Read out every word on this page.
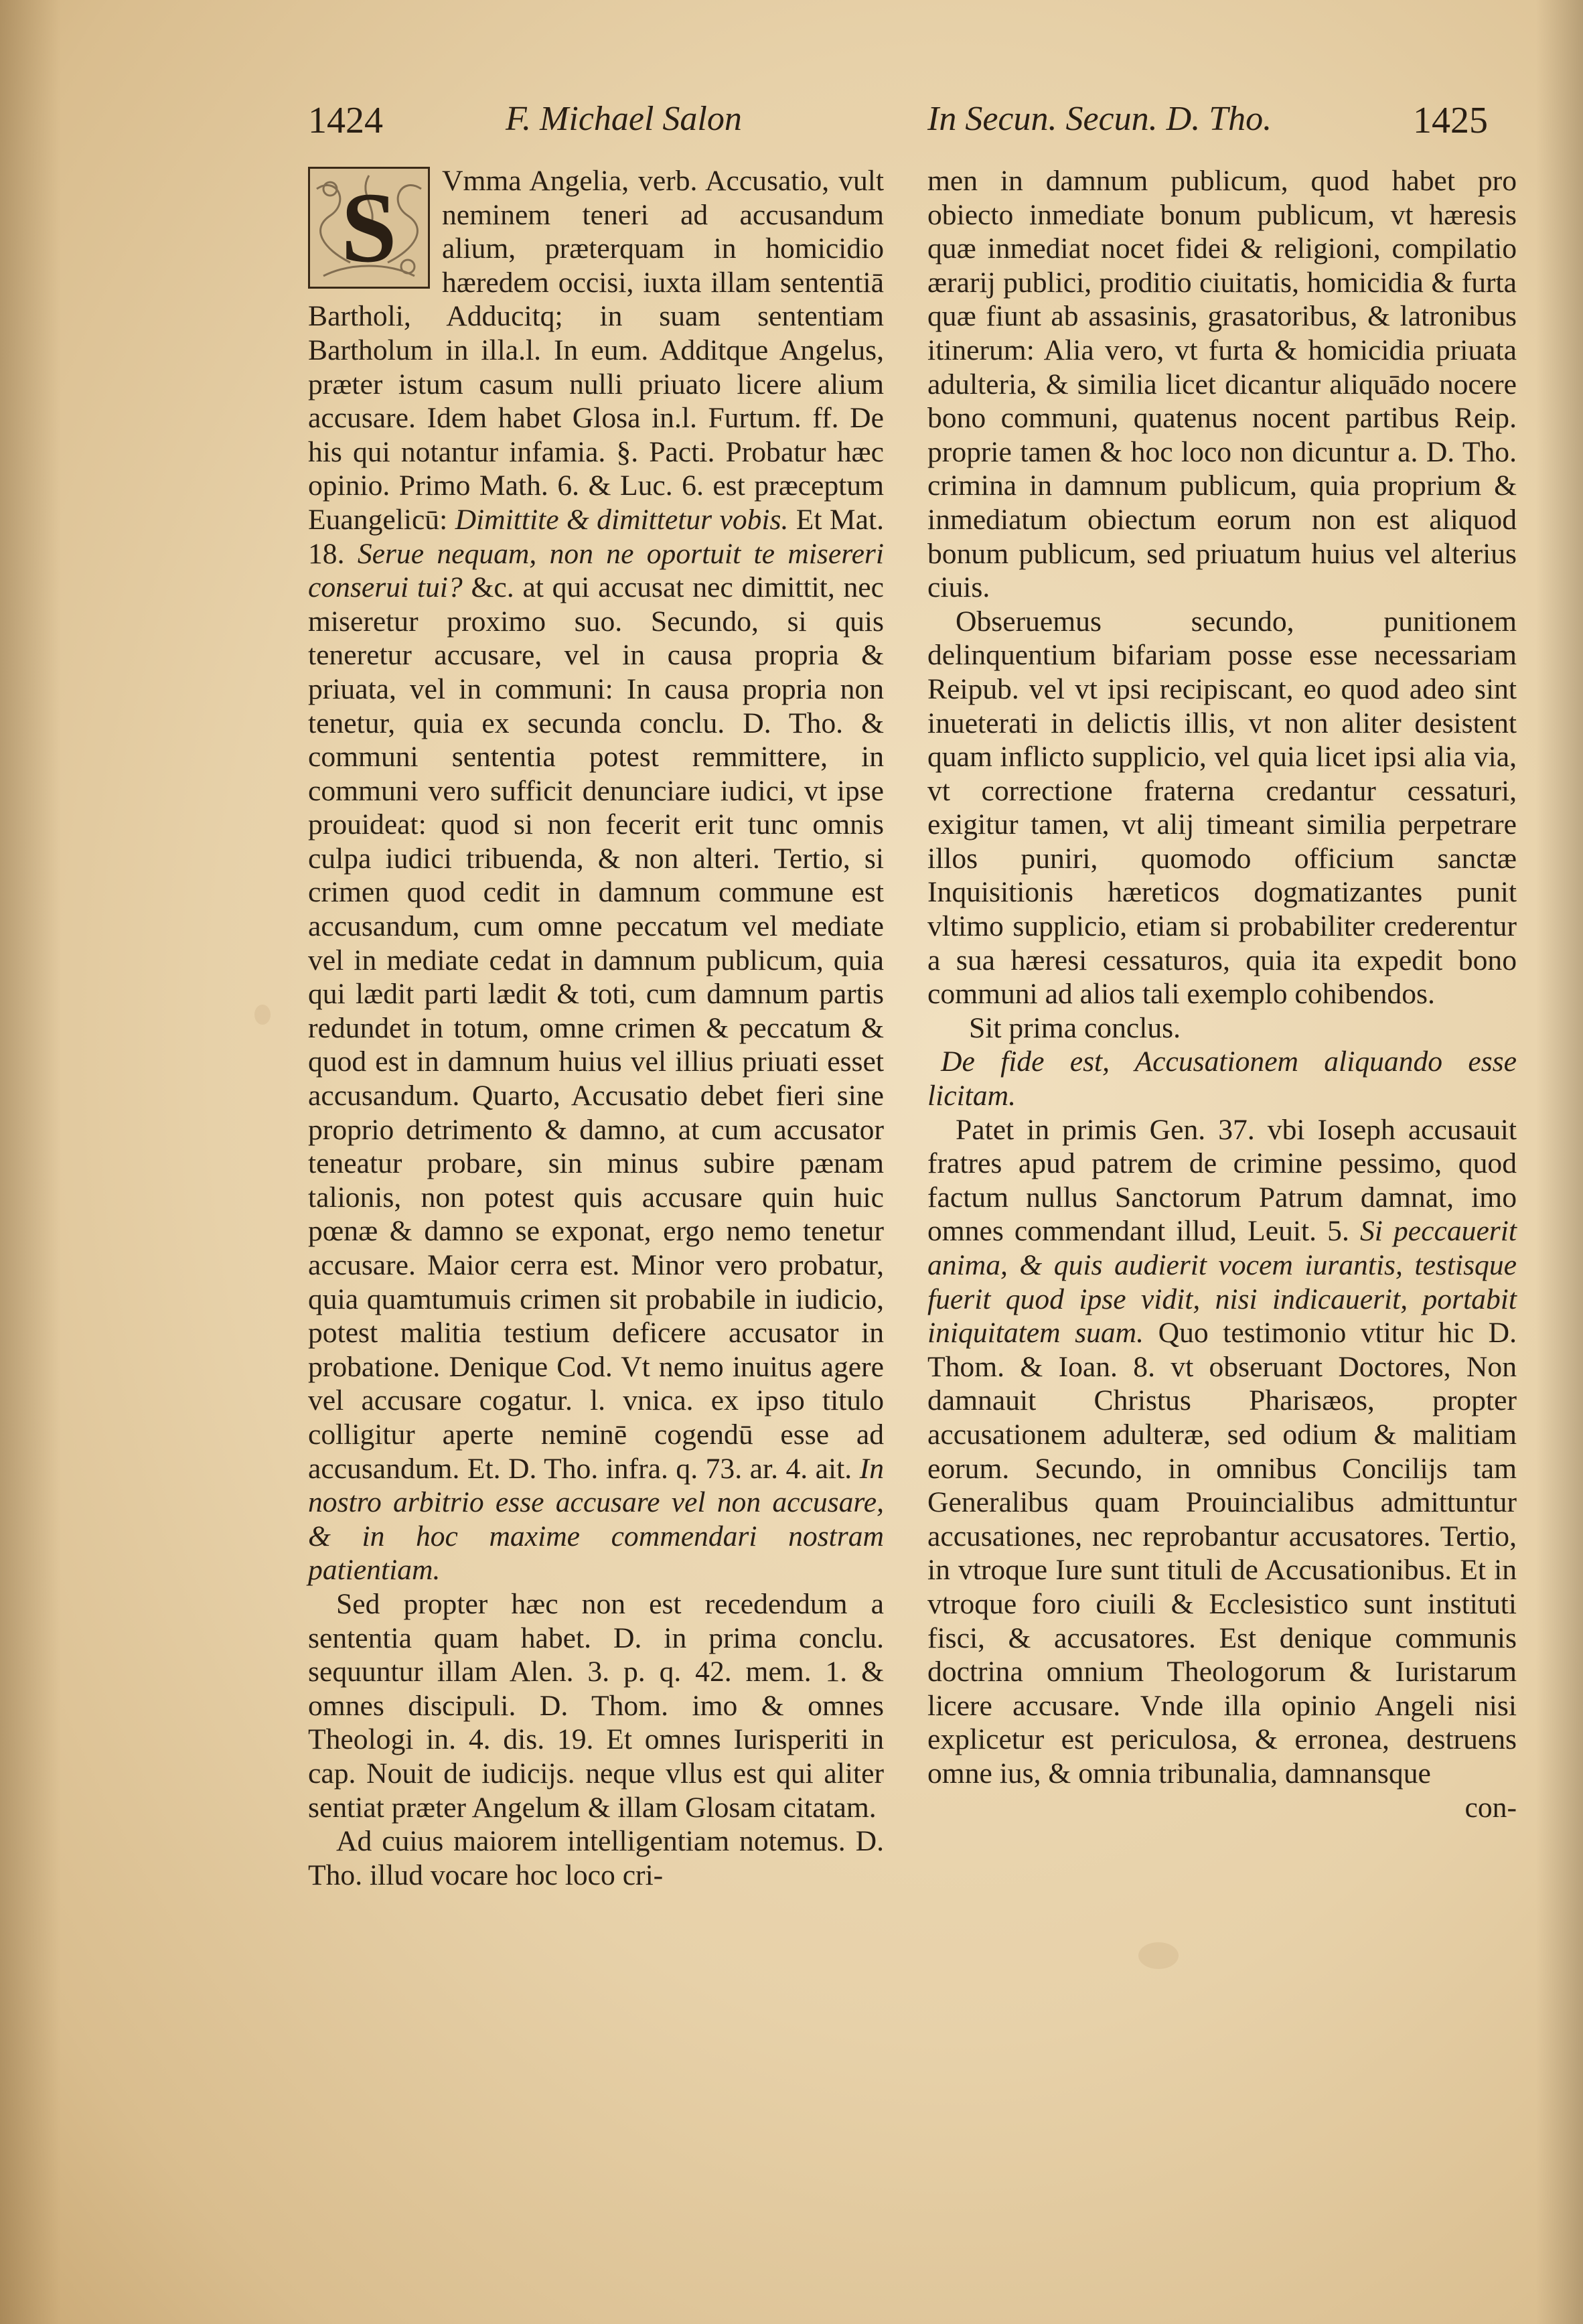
1424	F. Michael Salon	In Secun. Secun. D. Tho.	1425
S	Vmma Angelia, verb. Accusatio, vult neminem teneri ad accusandum alium, præterquam in homicidio hæredem occisi, iuxta illam sententiā Bartholi, Adducitq; in suam sententiam Bartholum in illa.l. In eum. Additque Angelus, præter istum casum nulli priuato licere alium accusare. Idem habet Glosa in.l. Furtum. ff. De his qui notantur infamia. §. Pacti. Probatur hæc opinio. Primo Math. 6. & Luc. 6. est præceptum Euangelicū: Dimittite & dimittetur vobis. Et Mat. 18. Serue nequam, non ne oportuit te misereri conserui tui? &c. at qui accusat nec dimittit, nec miseretur proximo suo. Secundo, si quis teneretur accusare, vel in causa propria & priuata, vel in communi: In causa propria non tenetur, quia ex secunda conclu. D. Tho. & communi sententia potest remmittere, in communi vero sufficit denunciare iudici, vt ipse prouideat: quod si non fecerit erit tunc omnis culpa iudici tribuenda, & non alteri. Tertio, si crimen quod cedit in damnum commune est accusandum, cum omne peccatum vel mediate vel in mediate cedat in damnum publicum, quia qui lædit parti lædit & toti, cum damnum partis redundet in totum, omne crimen & peccatum & quod est in damnum huius vel illius priuati esset accusandum. Quarto, Accusatio debet fieri sine proprio detrimento & damno, at cum accusator teneatur probare, sin minus subire pænam talionis, non potest quis accusare quin huic pœnæ & damno se exponat, ergo nemo tenetur accusare. Maior cerra est. Minor vero probatur, quia quamtumuis crimen sit probabile in iudicio, potest malitia testium deficere accusator in probatione. Denique Cod. Vt nemo inuitus agere vel accusare cogatur. l. vnica. ex ipso titulo colligitur aperte neminē cogendū esse ad accusandum. Et. D. Tho. infra. q. 73. ar. 4. ait. In nostro arbitrio esse accusare vel non accusare, & in hoc maxime commendari nostram patientiam.

Sed propter hæc non est recedendum a sententia quam habet. D. in prima conclu. sequuntur illam Alen. 3. p. q. 42. mem. 1. & omnes discipuli. D. Thom. imo & omnes Theologi in. 4. dis. 19. Et omnes Iurisperiti in cap. Nouit de iudicijs. neque vllus est qui aliter sentiat præter Angelum & illam Glosam citatam.

Ad cuius maiorem intelligentiam notemus. D. Tho. illud vocare hoc loco cri-

men in damnum publicum, quod habet pro obiecto inmediate bonum publicum, vt hæresis quæ inmediat nocet fidei & religioni, compilatio ærarij publici, proditio ciuitatis, homicidia & furta quæ fiunt ab assasinis, grasatoribus, & latronibus itinerum: Alia vero, vt furta & homicidia priuata adulteria, & similia licet dicantur aliquādo nocere bono communi, quatenus nocent partibus Reip. proprie tamen & hoc loco non dicuntur a. D. Tho. crimina in damnum publicum, quia proprium & inmediatum obiectum eorum non est aliquod bonum publicum, sed priuatum huius vel alterius ciuis.

Obseruemus secundo, punitionem delinquentium bifariam posse esse necessariam Reipub. vel vt ipsi recipiscant, eo quod adeo sint inueterati in delictis illis, vt non aliter desistent quam inflicto supplicio, vel quia licet ipsi alia via, vt correctione fraterna credantur cessaturi, exigitur tamen, vt alij timeant similia perpetrare illos puniri, quomodo officium sanctæ Inquisitionis hæreticos dogmatizantes punit vltimo supplicio, etiam si probabiliter crederentur a sua hæresi cessaturos, quia ita expedit bono communi ad alios tali exemplo cohibendos.

Sit prima conclus.

De fide est, Accusationem aliquando esse licitam.

Patet in primis Gen. 37. vbi Ioseph accusauit fratres apud patrem de crimine pessimo, quod factum nullus Sanctorum Patrum damnat, imo omnes commendant illud, Leuit. 5. Si peccauerit anima, & quis audierit vocem iurantis, testisque fuerit quod ipse vidit, nisi indicauerit, portabit iniquitatem suam. Quo testimonio vtitur hic D. Thom. & Ioan. 8. vt obseruant Doctores, Non damnauit Christus Pharisæos, propter accusationem adulteræ, sed odium & malitiam eorum. Secundo, in omnibus Concilijs tam Generalibus quam Prouincialibus admittuntur accusationes, nec reprobantur accusatores. Tertio, in vtroque Iure sunt tituli de Accusationibus. Et in vtroque foro ciuili & Ecclesistico sunt instituti fisci, & accusatores. Est denique communis doctrina omnium Theologorum & Iuristarum licere accusare. Vnde illa opinio Angeli nisi explicetur est periculosa, & erronea, destruens omne ius, & omnia tribunalia, damnansque

con-
